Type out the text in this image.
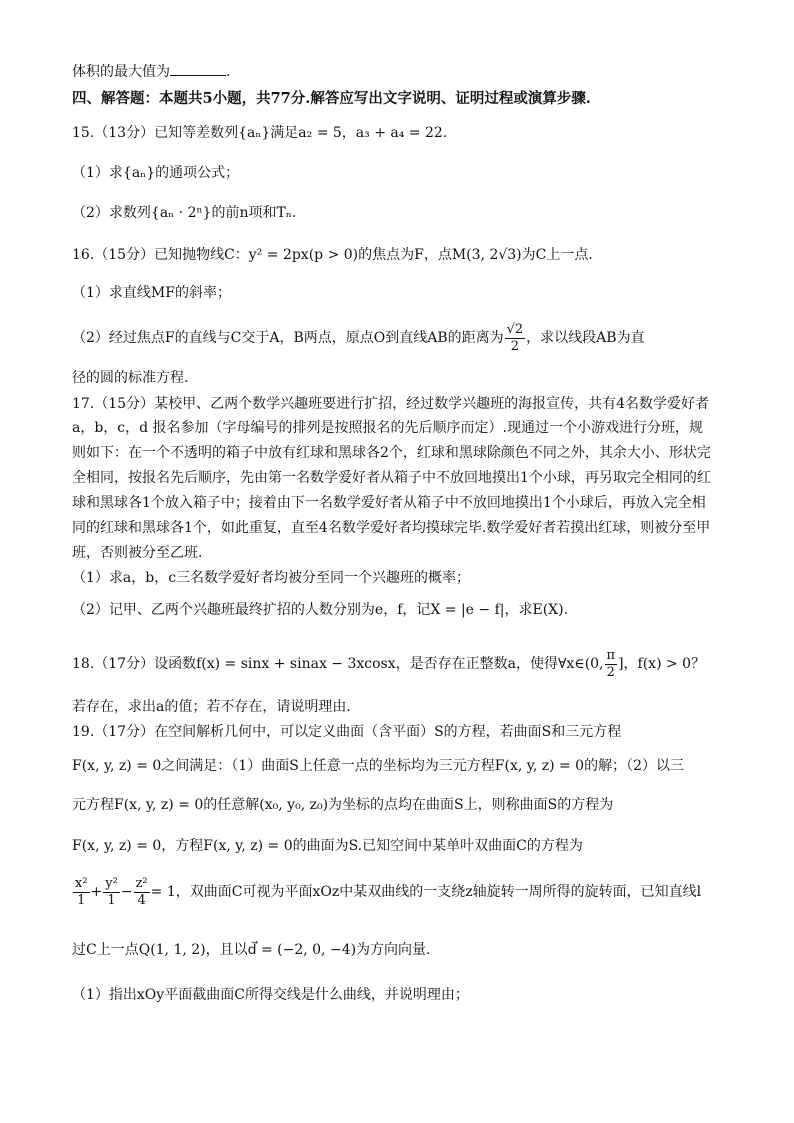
体积的最大值为	.
四、解答题：本题共5小题，共77分.解答应写出文字说明、证明过程或演算步骤.
15.（13分）已知等差数列{aₙ}满足a₂ = 5，a₃ + a₄ = 22.
（1）求{aₙ}的通项公式；
（2）求数列{aₙ · 2ⁿ}的前n项和Tₙ.
16.（15分）已知抛物线C：y² = 2px(p > 0)的焦点为F，点M(3, 2√3)为C上一点.
（1）求直线MF的斜率；
（2）经过焦点F的直线与C交于A，B两点，原点O到直线AB的距离为 $\frac{√2}{2}$ ，求以线段AB为直
径的圆的标准方程.
17.（15分）某校甲、乙两个数学兴趣班要进行扩招，经过数学兴趣班的海报宣传，共有4名数学爱好者
a，b，c，d 报名参加（字母编号的排列是按照报名的先后顺序而定）.现通过一个小游戏进行分班，规
则如下：在一个不透明的箱子中放有红球和黑球各2个，红球和黑球除颜色不同之外，其余大小、形状完
全相同，按报名先后顺序，先由第一名数学爱好者从箱子中不放回地摸出1个小球，再另取完全相同的红
球和黑球各1个放入箱子中；接着由下一名数学爱好者从箱子中不放回地摸出1个小球后，再放入完全相
同的红球和黑球各1个，如此重复，直至4名数学爱好者均摸球完毕.数学爱好者若摸出红球，则被分至甲
班，否则被分至乙班.
（1）求a，b，c三名数学爱好者均被分至同一个兴趣班的概率；
（2）记甲、乙两个兴趣班最终扩招的人数分别为e，f，记X = |e − f|，求E(X).
18.（17分）设函数f(x) = sinx + sinax − 3xcosx，是否存在正整数a，使得∀x∈(0, $\frac{\pi}{2}$ ]，f(x) > 0？
若存在，求出a的值；若不存在，请说明理由.
19.（17分）在空间解析几何中，可以定义曲面（含平面）S的方程，若曲面S和三元方程
F(x, y, z) = 0之间满足：（1）曲面S上任意一点的坐标均为三元方程F(x, y, z) = 0的解；（2）以三
元方程F(x, y, z) = 0的任意解(x₀, y₀, z₀)为坐标的点均在曲面S上，则称曲面S的方程为
F(x, y, z) = 0，方程F(x, y, z) = 0的曲面为S.已知空间中某单叶双曲面C的方程为
$\frac{\text{x²}}{1} + \frac{\text{y²}}{1} - \frac{\text{z²}}{4} = 1$，双曲面C可视为平面xOz中某双曲线的一支绕z轴旋转一周所得的旋转面，已知直线l
过C上一点Q(1, 1, 2)，且以d⃗ = (−2, 0, −4)为方向向量.
（1）指出xOy平面截曲面C所得交线是什么曲线，并说明理由；
